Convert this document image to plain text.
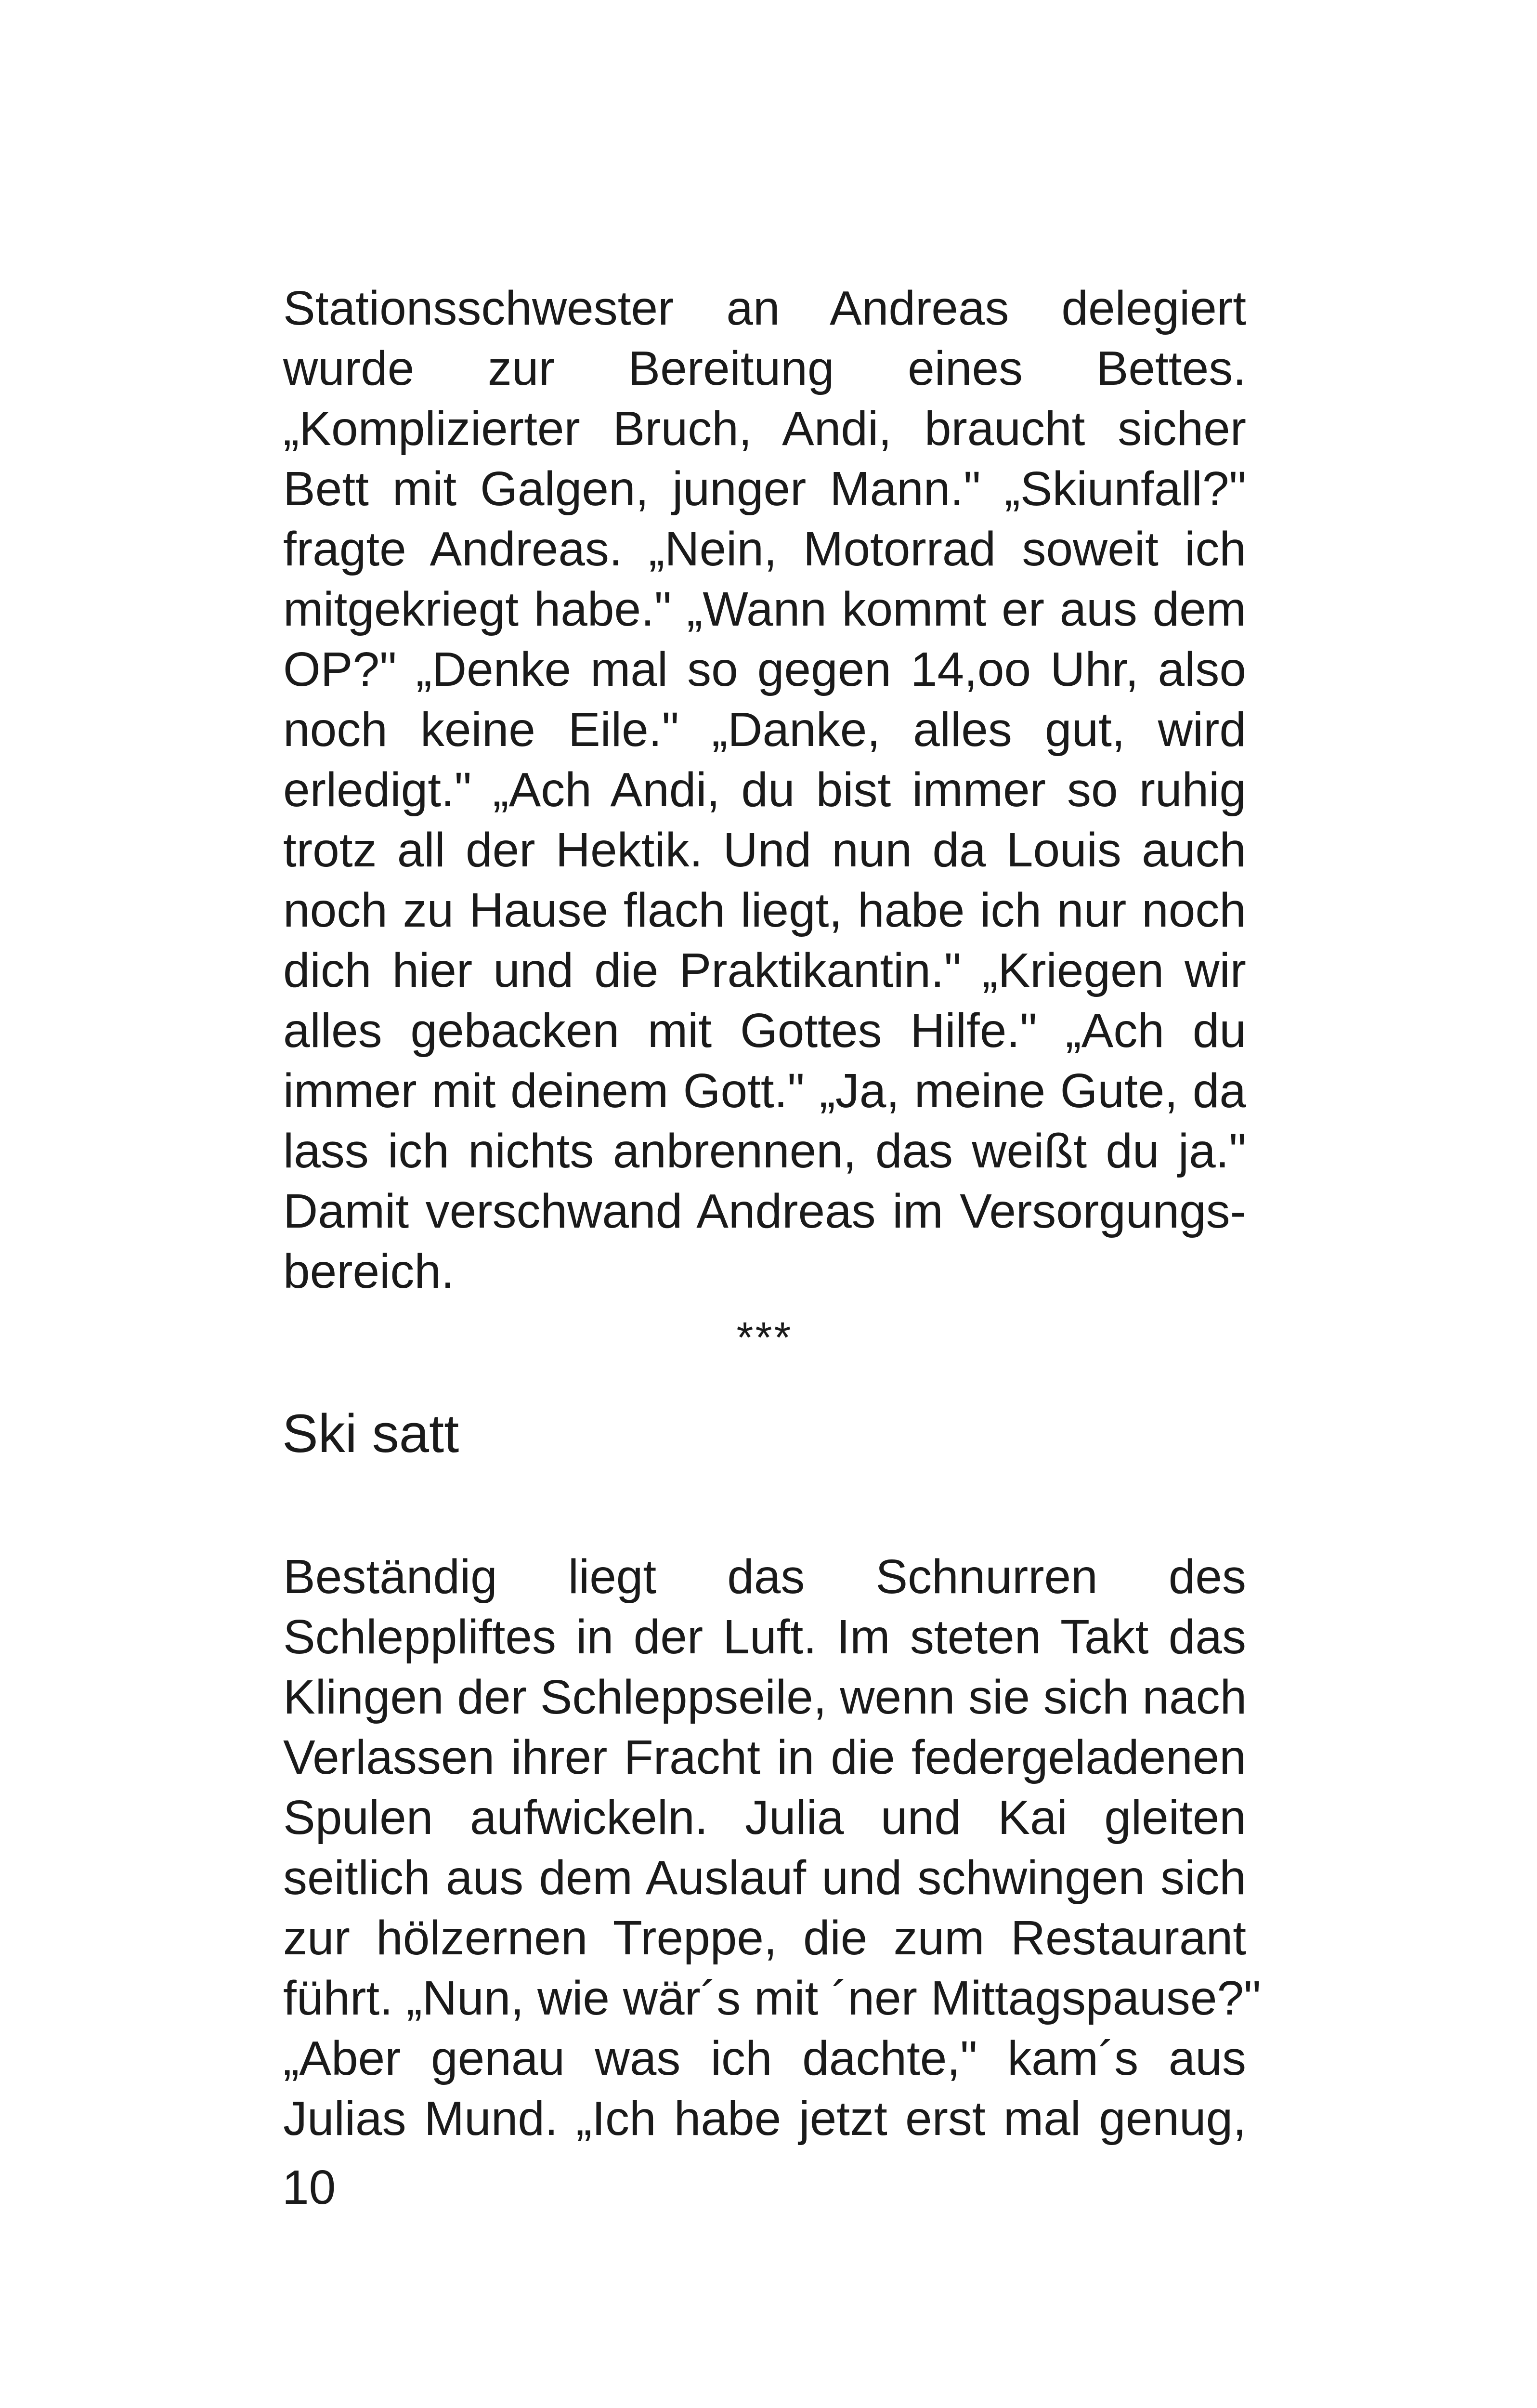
Stationsschwester an Andreas delegiert
wurde zur Bereitung eines Bettes.
„Komplizierter Bruch, Andi, braucht sicher
Bett mit Galgen, junger Mann." „Skiunfall?"
fragte Andreas. „Nein, Motorrad soweit ich
mitgekriegt habe." „Wann kommt er aus dem
OP?" „Denke mal so gegen 14,oo Uhr, also
noch keine Eile." „Danke, alles gut, wird
erledigt." „Ach Andi, du bist immer so ruhig
trotz all der Hektik. Und nun da Louis auch
noch zu Hause flach liegt, habe ich nur noch
dich hier und die Praktikantin." „Kriegen wir
alles gebacken mit Gottes Hilfe." „Ach du
immer mit deinem Gott." „Ja, meine Gute, da
lass ich nichts anbrennen, das weißt du ja."
Damit verschwand Andreas im Versorgungs-
bereich.

***
Ski satt

Beständig liegt das Schnurren des
Schleppliftes in der Luft. Im steten Takt das
Klingen der Schleppseile, wenn sie sich nach
Verlassen ihrer Fracht in die federgeladenen
Spulen aufwickeln. Julia und Kai gleiten
seitlich aus dem Auslauf und schwingen sich
zur hölzernen Treppe, die zum Restaurant
führt. „Nun, wie wär´s mit ´ner Mittagspause?"
„Aber genau was ich dachte," kam´s aus
Julias Mund. „Ich habe jetzt erst mal genug,

10
